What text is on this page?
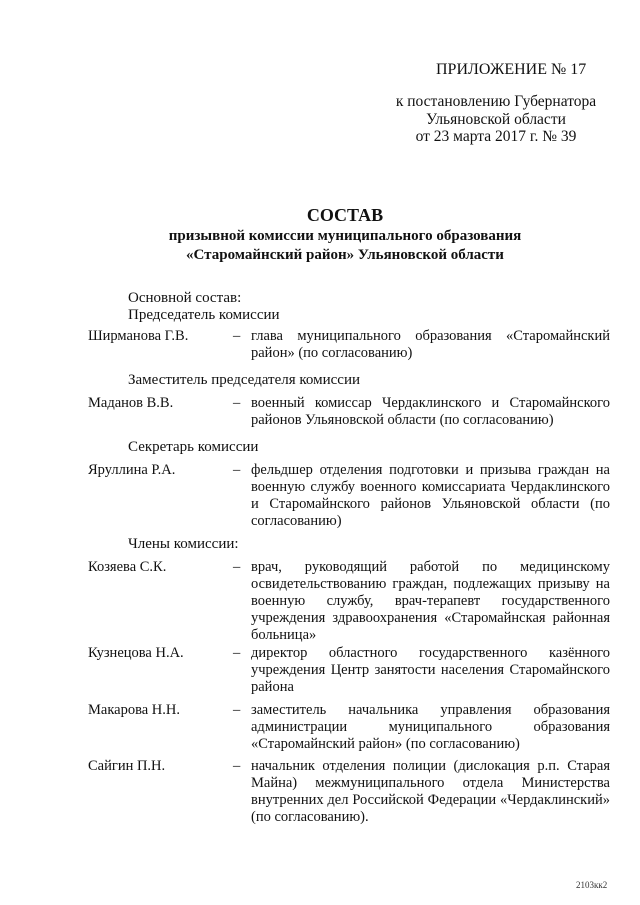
ПРИЛОЖЕНИЕ № 17
к постановлению Губернатора
Ульяновской области
от 23 марта 2017 г. № 39
СОСТАВ
призывной комиссии муниципального образования
«Старомайнский район» Ульяновской области
Основной состав:
Председатель комиссии
Ширманова Г.В.	– глава муниципального образования «Старомайнский район» (по согласованию)
Заместитель председателя комиссии
Маданов В.В.	– военный комиссар Чердаклинского и Старомайнского районов Ульяновской области (по согласованию)
Секретарь комиссии
Яруллина Р.А.	– фельдшер отделения подготовки и призыва граждан на военную службу военного комиссариата Чердаклинского и Старомайнского районов Ульяновской области (по согласованию)
Члены комиссии:
Козяева С.К.	– врач, руководящий работой по медицинскому освидетельствованию граждан, подлежащих призыву на военную службу, врач-терапевт государственного учреждения здравоохранения «Старомайнская районная больница»
Кузнецова Н.А.	– директор областного государственного казённого учреждения Центр занятости населения Старомайнского района
Макарова Н.Н.	– заместитель начальника управления образования администрации муниципального образования «Старомайнский район» (по согласованию)
Сайгин П.Н.	– начальник отделения полиции (дислокация р.п. Старая Майна) межмуниципального отдела Министерства внутренних дел Российской Федерации «Чердаклинский» (по согласованию).
2103кк2
